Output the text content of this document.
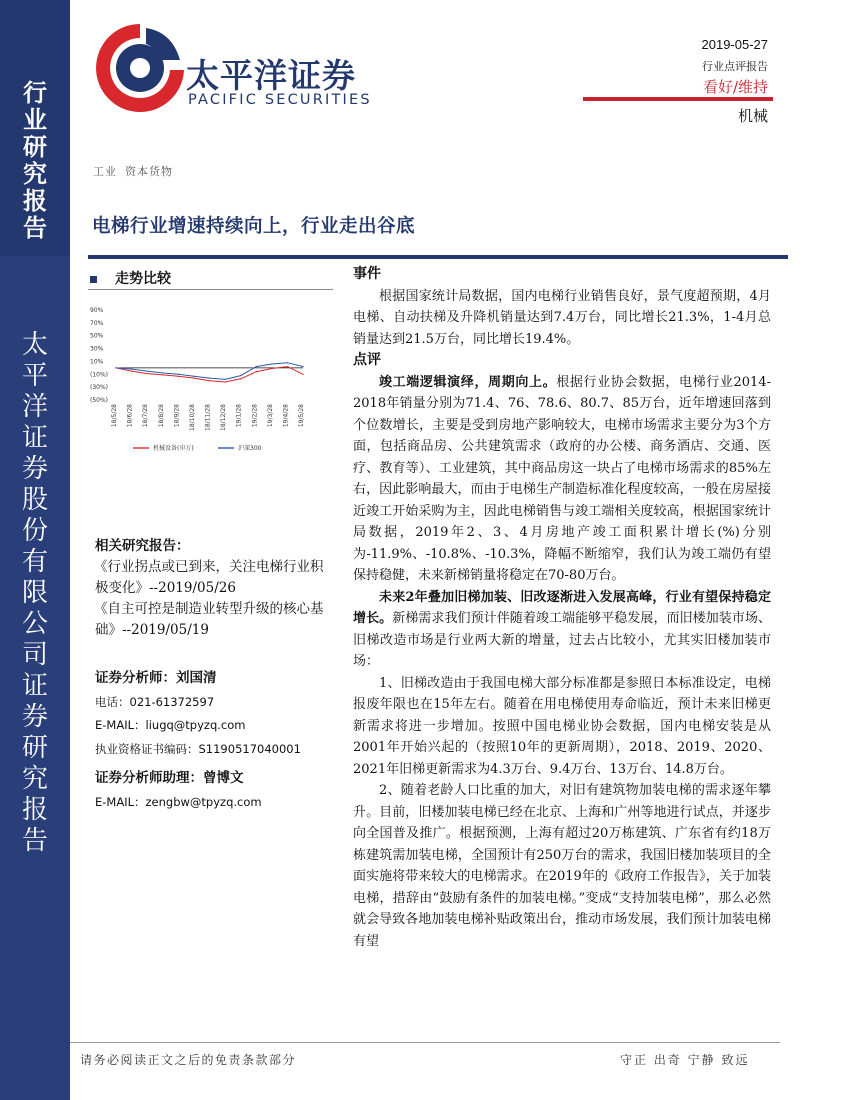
行
业
研
究
报
告
太
平
洋
证
券
股
份
有
限
公
司
证
券
研
究
报
告
太平洋证券
PACIFIC SECURITIES
2019-05-27
行业点评报告
看好/维持
机械
工业 资本货物
电梯行业增速持续向上，行业走出谷底
走势比较
90%
70%
50%
30%
10%
(10%)
(30%)
(50%)
18/5/28 18/6/28 18/7/28 18/8/28 18/9/28 18/10/28 18/11/28 18/12/28 19/1/28 19/2/28 19/3/28 19/4/28 19/5/28
机械设备(申万)	沪深300
相关研究报告：
《行业拐点或已到来，关注电梯行业积极变化》--2019/05/26
《自主可控是制造业转型升级的核心基础》--2019/05/19
证券分析师：刘国清
电话：021-61372597
E-MAIL：liugq@tpyzq.com
执业资格证书编码：S1190517040001
证券分析师助理：曾博文
E-MAIL：zengbw@tpyzq.com
事件

根据国家统计局数据，国内电梯行业销售良好，景气度超预期，4月电梯、自动扶梯及升降机销量达到7.4万台，同比增长21.3%，1-4月总销量达到21.5万台，同比增长19.4%。

点评

竣工端逻辑演绎，周期向上。根据行业协会数据，电梯行业2014-2018年销量分别为71.4、76、78.6、80.7、85万台，近年增速回落到个位数增长，主要是受到房地产影响较大，电梯市场需求主要分为3个方面，包括商品房、公共建筑需求（政府的办公楼、商务酒店、交通、医疗、教育等）、工业建筑，其中商品房这一块占了电梯市场需求的85%左右，因此影响最大，而由于电梯生产制造标准化程度较高，一般在房屋接近竣工开始采购为主，因此电梯销售与竣工端相关度较高，根据国家统计局数据，2019年2、3、4月房地产竣工面积累计增长(%)分别为-11.9%、-10.8%、-10.3%，降幅不断缩窄，我们认为竣工端仍有望保持稳健，未来新梯销量将稳定在70-80万台。

未来2年叠加旧梯加装、旧改逐渐进入发展高峰，行业有望保持稳定增长。新梯需求我们预计伴随着竣工端能够平稳发展，而旧楼加装市场、旧梯改造市场是行业两大新的增量，过去占比较小，尤其实旧楼加装市场：

1、旧梯改造由于我国电梯大部分标准都是参照日本标准设定，电梯报废年限也在15年左右。随着在用电梯使用寿命临近，预计未来旧梯更新需求将进一步增加。按照中国电梯业协会数据，国内电梯安装是从2001年开始兴起的（按照10年的更新周期），2018、2019、2020、2021年旧梯更新需求为4.3万台、9.4万台、13万台、14.8万台。

2、随着老龄人口比重的加大，对旧有建筑物加装电梯的需求逐年攀升。目前，旧楼加装电梯已经在北京、上海和广州等地进行试点，并逐步向全国普及推广。根据预测，上海有超过20万栋建筑、广东省有约18万栋建筑需加装电梯，全国预计有250万台的需求，我国旧楼加装项目的全面实施将带来较大的电梯需求。在2019年的《政府工作报告》，关于加装电梯，措辞由“鼓励有条件的加装电梯。”变成“支持加装电梯”，那么必然就会导致各地加装电梯补贴政策出台，推动市场发展，我们预计加装电梯有望

请务必阅读正文之后的免责条款部分	守正 出奇 宁静 致远
